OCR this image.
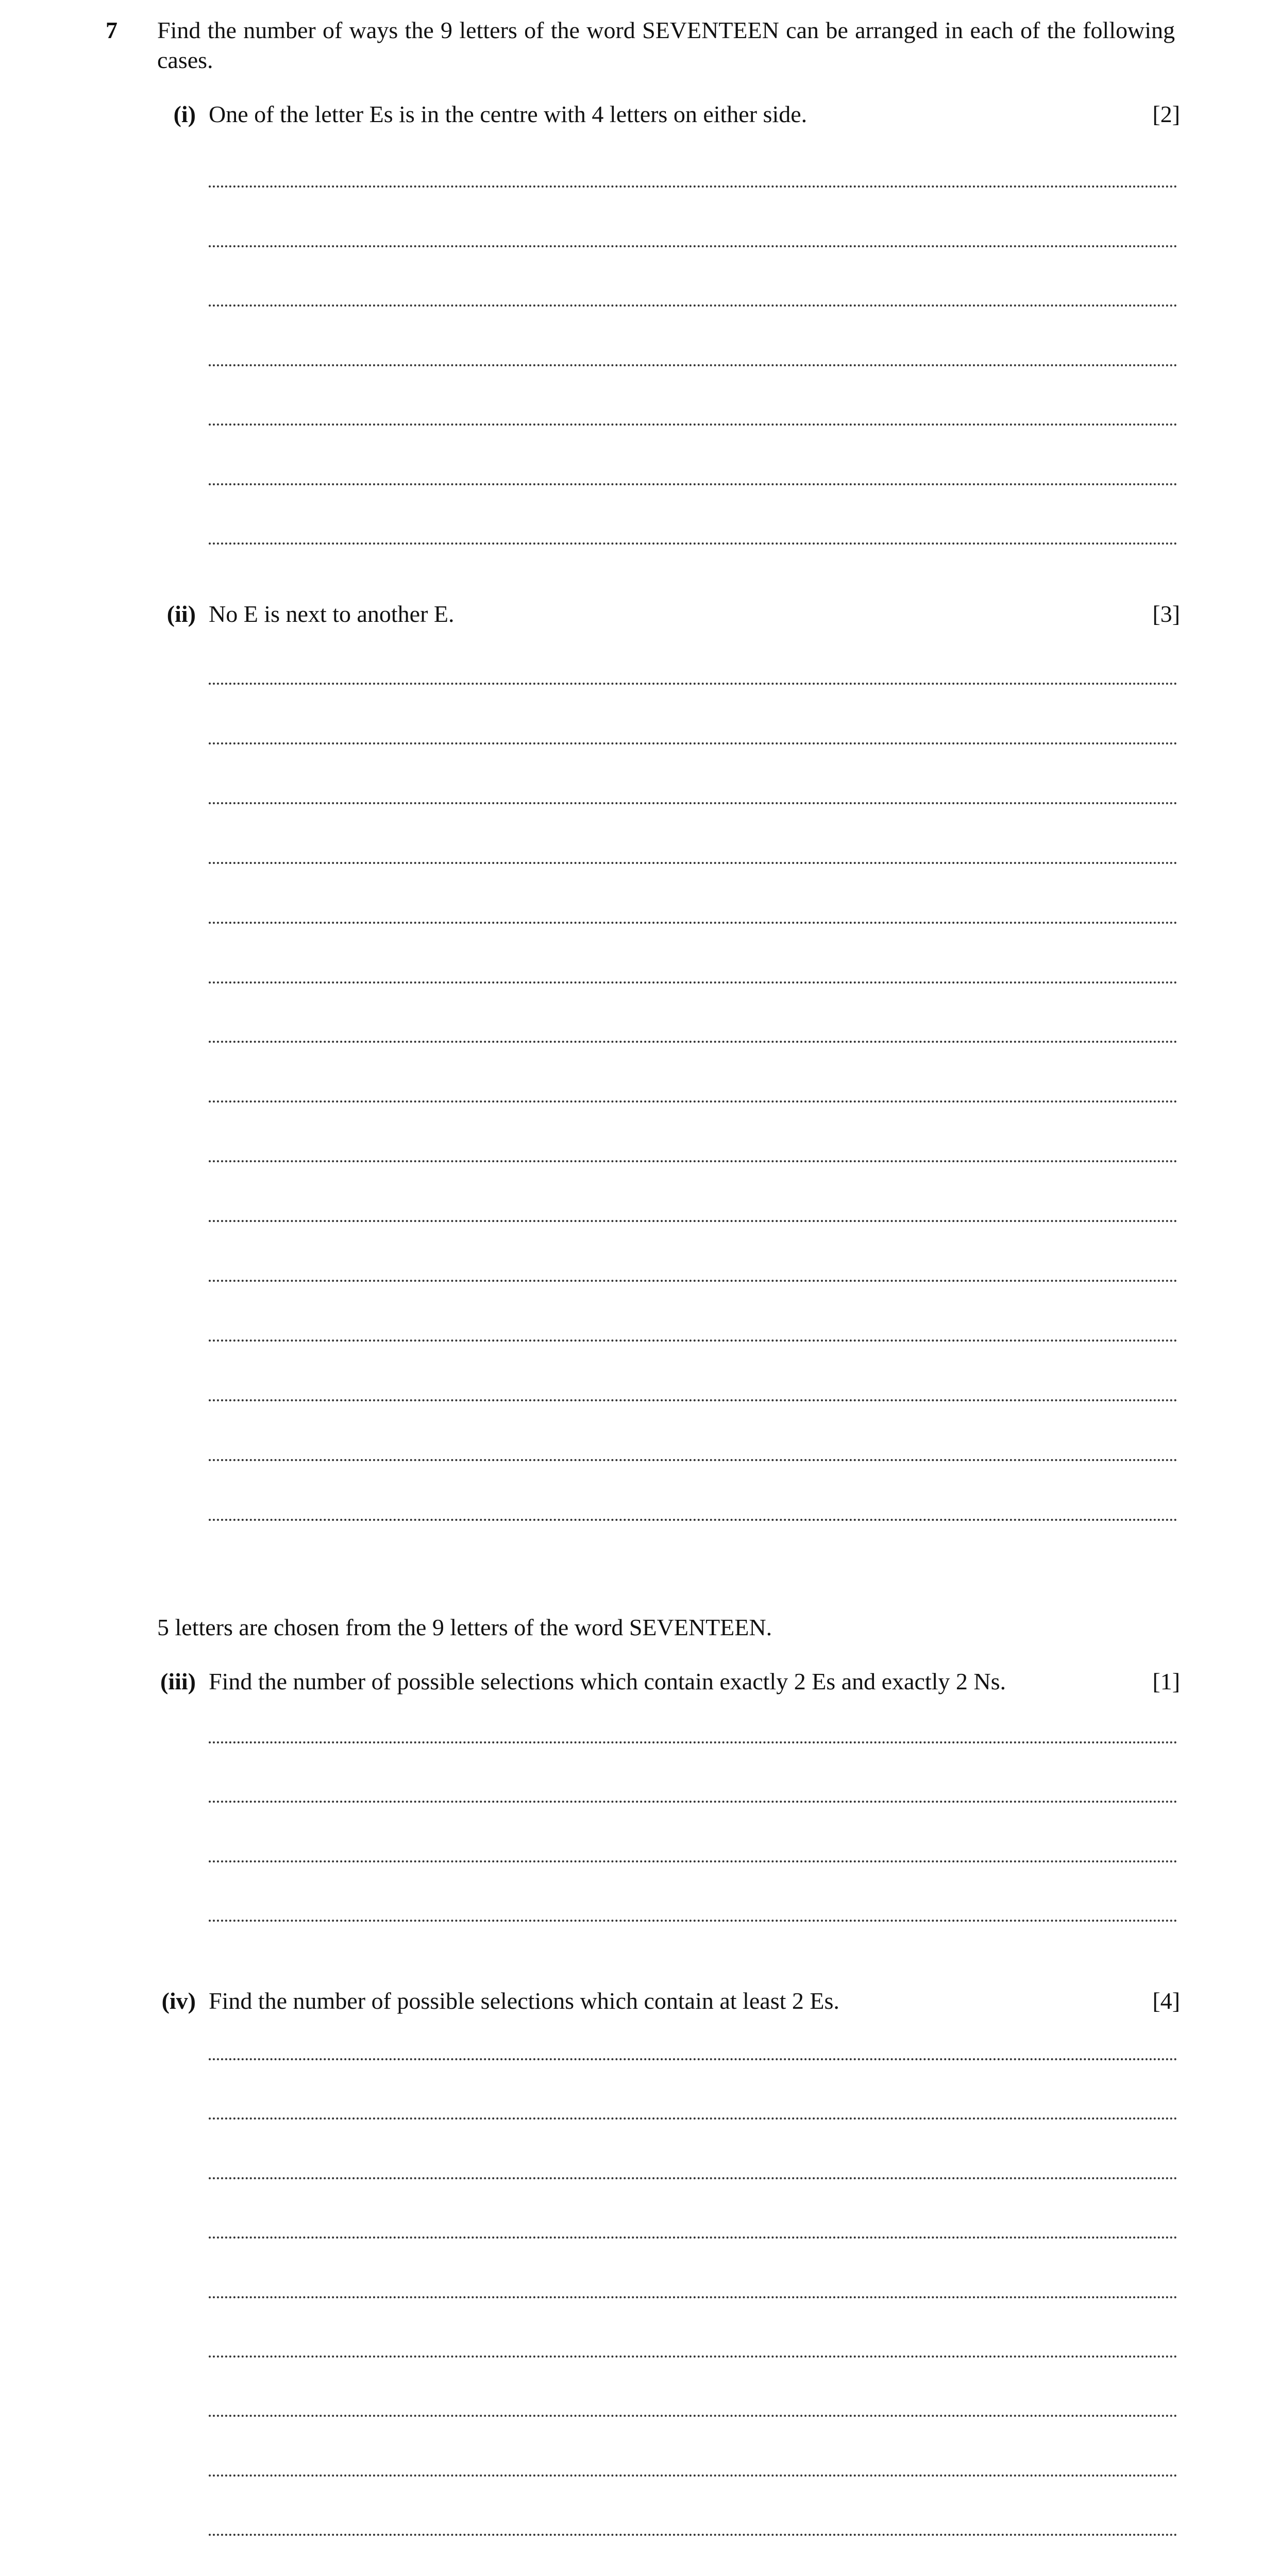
7 Find the number of ways the 9 letters of the word SEVENTEEN can be arranged in each of the following cases.
(i) One of the letter Es is in the centre with 4 letters on either side.	[2]
(ii) No E is next to another E.	[3]
5 letters are chosen from the 9 letters of the word SEVENTEEN.
(iii) Find the number of possible selections which contain exactly 2 Es and exactly 2 Ns.	[1]
(iv) Find the number of possible selections which contain at least 2 Es.	[4]
